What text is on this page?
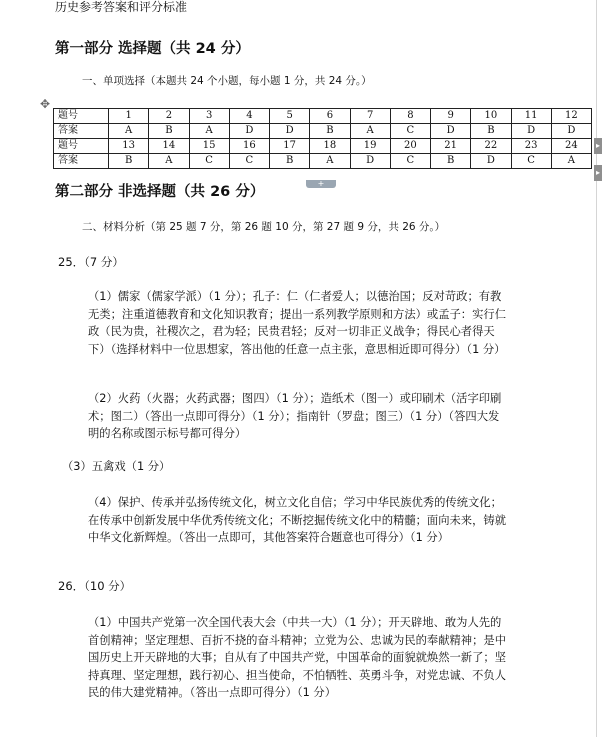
历史参考答案和评分标准
第一部分 选择题（共 24 分）
一、单项选择（本题共 24 个小题，每小题 1 分，共 24 分。）
✥
题号	1	2	3	4	5	6	7	8	9	10	11	12
答案	A	B	A	D	D	B	A	C	D	B	D	D
题号	13	14	15	16	17	18	19	20	21	22	23	24
答案	B	A	C	C	B	A	D	C	B	D	C	A
+
▸
▸
第二部分 非选择题（共 26 分）
二、材料分析（第 25 题 7 分，第 26 题 10 分，第 27 题 9 分，共 26 分。）
25．（7 分）
（1）儒家（儒家学派）（1 分）；孔子：仁（仁者爱人；以德治国；反对苛政；有教无类；注重道德教育和文化知识教育；提出一系列教学原则和方法）或孟子：实行仁政（民为贵，社稷次之，君为轻；民贵君轻；反对一切非正义战争；得民心者得天下）（选择材料中一位思想家，答出他的任意一点主张，意思相近即可得分）（1 分）
（2）火药（火器；火药武器；图四）（1 分）；造纸术（图一）或印刷术（活字印刷术；图二）（答出一点即可得分）（1 分）；指南针（罗盘；图三）（1 分）（答四大发明的名称或图示标号都可得分）
（3）五禽戏（1 分）
（4）保护、传承并弘扬传统文化，树立文化自信；学习中华民族优秀的传统文化；在传承中创新发展中华优秀传统文化；不断挖掘传统文化中的精髓；面向未来，铸就中华文化新辉煌。（答出一点即可，其他答案符合题意也可得分）（1 分）
26．（10 分）
（1）中国共产党第一次全国代表大会（中共一大）（1 分）；开天辟地、敢为人先的首创精神；坚定理想、百折不挠的奋斗精神；立党为公、忠诚为民的奉献精神；是中国历史上开天辟地的大事；自从有了中国共产党，中国革命的面貌就焕然一新了；坚持真理、坚定理想，践行初心、担当使命，不怕牺牲、英勇斗争，对党忠诚、不负人民的伟大建党精神。（答出一点即可得分）（1 分）
